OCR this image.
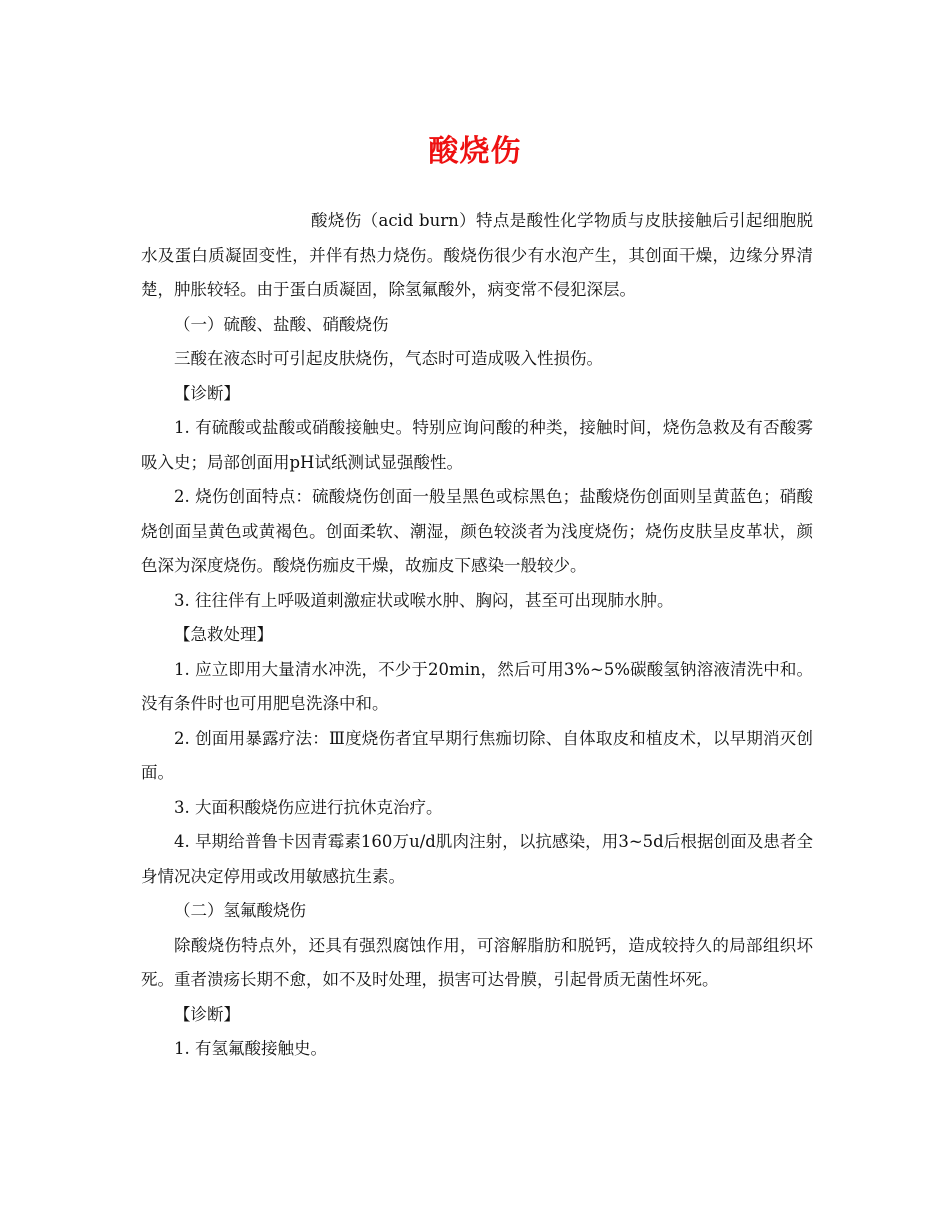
酸烧伤

酸烧伤（acid burn）特点是酸性化学物质与皮肤接触后引起细胞脱水及蛋白质凝固变性，并伴有热力烧伤。酸烧伤很少有水泡产生，其创面干燥，边缘分界清楚，肿胀较轻。由于蛋白质凝固，除氢氟酸外，病变常不侵犯深层。

（一）硫酸、盐酸、硝酸烧伤

三酸在液态时可引起皮肤烧伤，气态时可造成吸入性损伤。

【诊断】

1. 有硫酸或盐酸或硝酸接触史。特别应询问酸的种类，接触时间，烧伤急救及有否酸雾吸入史；局部创面用pH试纸测试显强酸性。

2. 烧伤创面特点：硫酸烧伤创面一般呈黑色或棕黑色；盐酸烧伤创面则呈黄蓝色；硝酸烧创面呈黄色或黄褐色。创面柔软、潮湿，颜色较淡者为浅度烧伤；烧伤皮肤呈皮革状，颜色深为深度烧伤。酸烧伤痂皮干燥，故痂皮下感染一般较少。

3. 往往伴有上呼吸道刺激症状或喉水肿、胸闷，甚至可出现肺水肿。

【急救处理】

1. 应立即用大量清水冲洗，不少于20min，然后可用3%~5%碳酸氢钠溶液清洗中和。没有条件时也可用肥皂洗涤中和。

2. 创面用暴露疗法：Ⅲ度烧伤者宜早期行焦痂切除、自体取皮和植皮术，以早期消灭创面。

3. 大面积酸烧伤应进行抗休克治疗。

4. 早期给普鲁卡因青霉素160万u/d肌肉注射，以抗感染，用3~5d后根据创面及患者全身情况决定停用或改用敏感抗生素。

（二）氢氟酸烧伤

除酸烧伤特点外，还具有强烈腐蚀作用，可溶解脂肪和脱钙，造成较持久的局部组织坏死。重者溃疡长期不愈，如不及时处理，损害可达骨膜，引起骨质无菌性坏死。

【诊断】

1. 有氢氟酸接触史。
